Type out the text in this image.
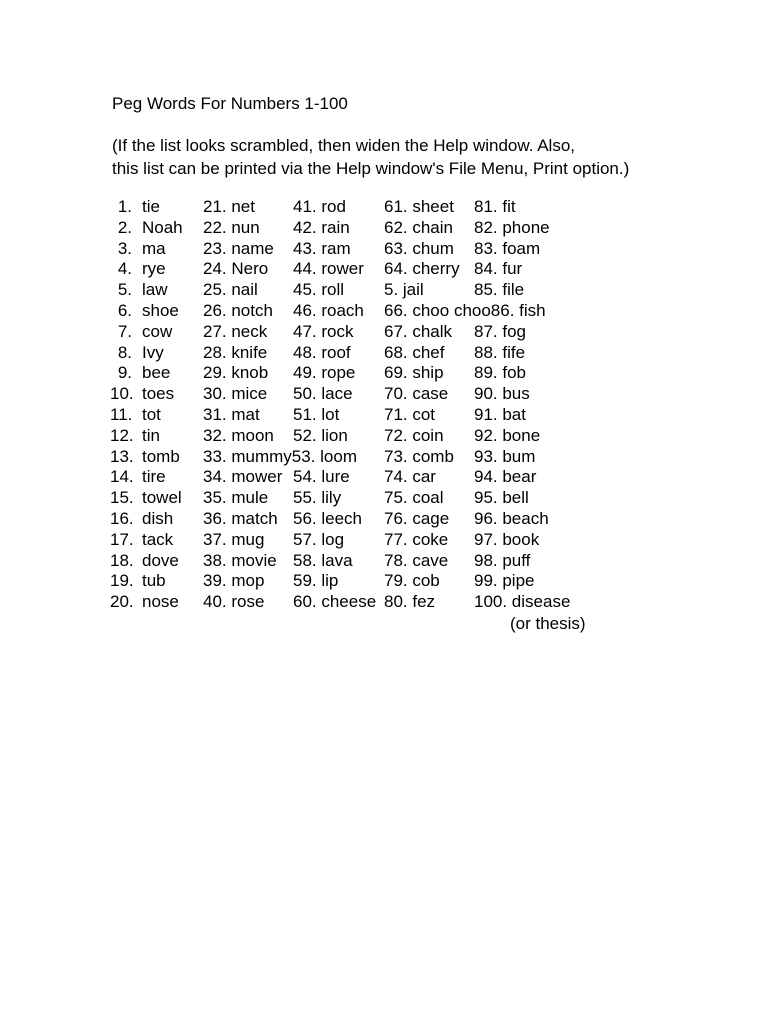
Peg Words For Numbers 1-100
(If the list looks scrambled, then widen the Help window. Also,
this list can be printed via the Help window's File Menu, Print option.)
1. tie	21. net 41. rod 61. sheet 81. fit
2. Noah 22. nun 42. rain 62. chain 82. phone
3. ma 23. name 43. ram 63. chum 83. foam
4. rye 24. Nero 44. rower 64. cherry 84. fur
5. law 25. nail 45. roll 5. jail	85. file
6. shoe 26. notch 46. roach 66. choo choo86. fish
7. cow 27. neck 47. rock 67. chalk 87. fog
8. Ivy 28. knife 48. roof 68. chef 88. fife
9. bee 29. knob 49. rope 69. ship 89. fob
10. toes 30. mice 50. lace 70. case 90. bus
11. tot 31. mat 51. lot	71. cot 91. bat
12. tin	32. moon 52. lion 72. coin 92. bone
13. tomb 33. mummy53. loom 73. comb 93. bum
14. tire 34. mower 54. lure 74. car 94. bear
15. towel 35. mule 55. lily	75. coal 95. bell
16. dish 36. match 56. leech 76. cage 96. beach
17. tack 37. mug 57. log 77. coke 97. book
18. dove 38. movie 58. lava 78. cave 98. puff
19. tub 39. mop 59. lip	79. cob 99. pipe
20. nose 40. rose 60. cheese 80. fez 100. disease
(or thesis)
